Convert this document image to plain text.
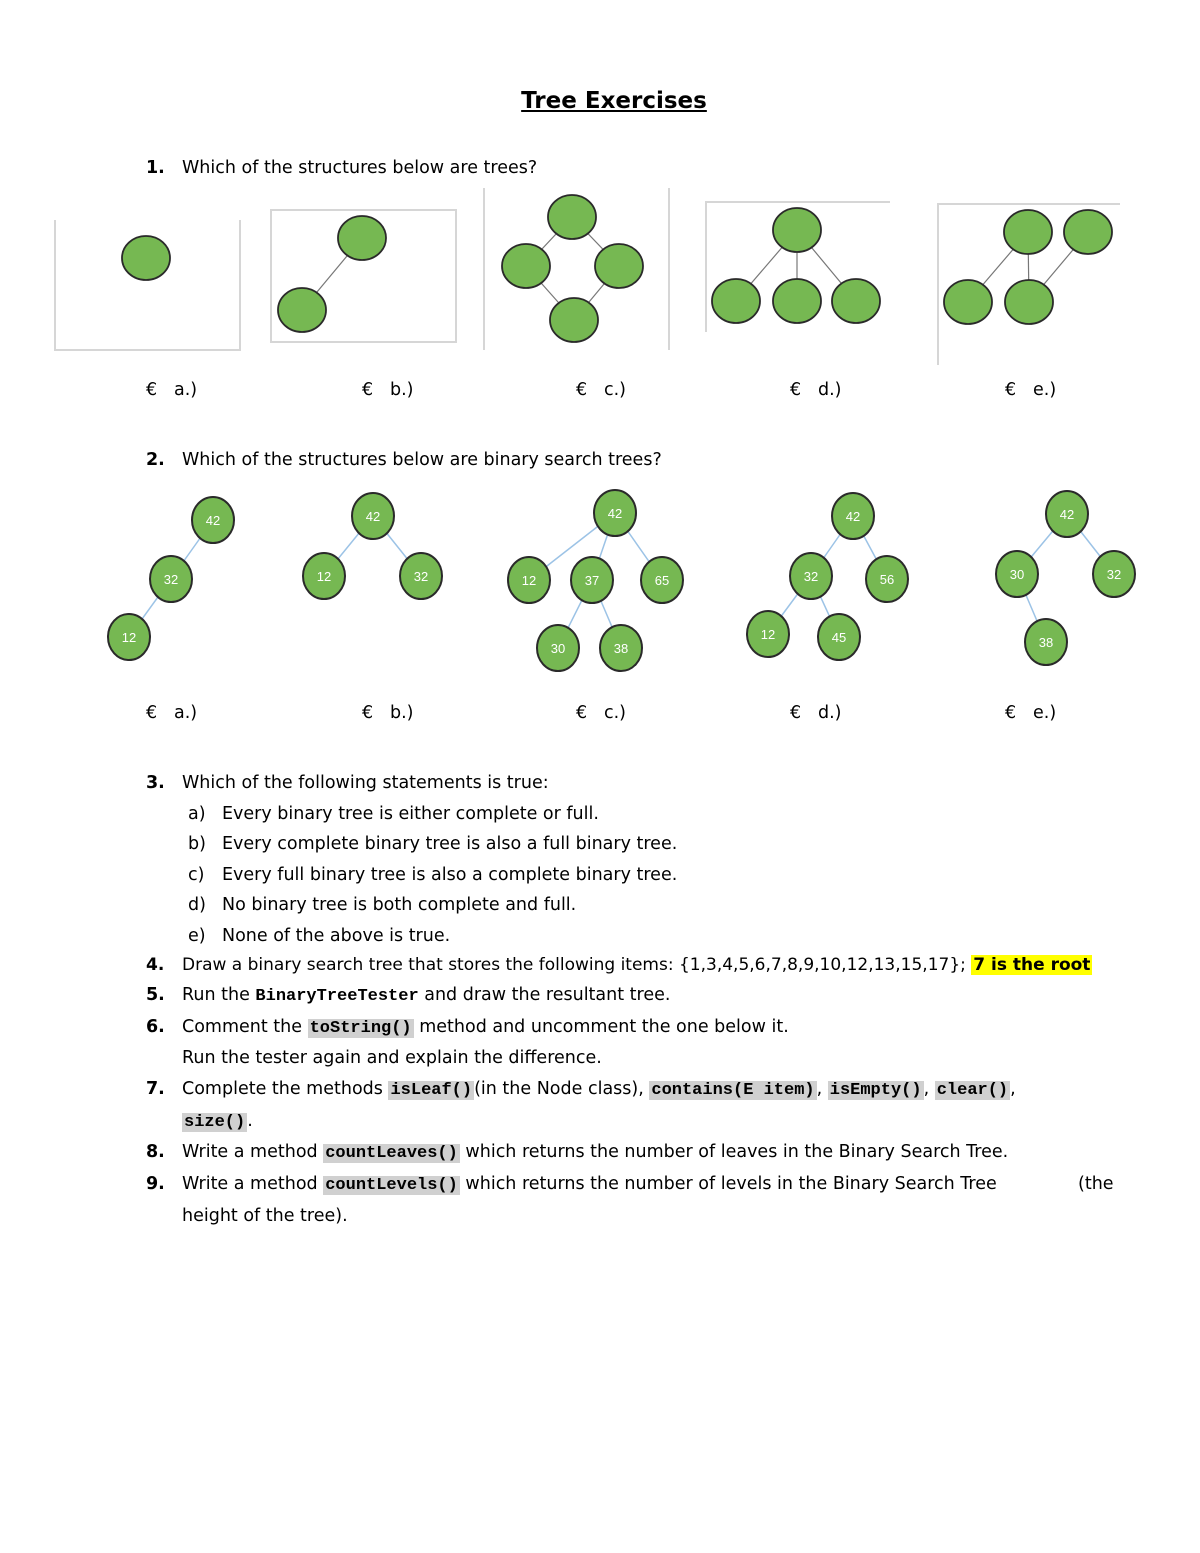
Tree Exercises
1. Which of the structures below are trees?
€ a.)	€ b.)	€ c.)	€ d.)	€ e.)
2. Which of the structures below are binary search trees?
42
32
12
42
12	32
42
12	37	65
30	38
42
32	56
12	45
42
30	32
38
€ a.)	€ b.)	€ c.)	€ d.)	€ e.)
3. Which of the following statements is true:
a) Every binary tree is either complete or full.
b) Every complete binary tree is also a full binary tree.
c) Every full binary tree is also a complete binary tree.
d) No binary tree is both complete and full.
e) None of the above is true.
4. Draw a binary search tree that stores the following items: {1,3,4,5,6,7,8,9,10,12,13,15,17}; 7 is the root
5. Run the BinaryTreeTester and draw the resultant tree.
6. Comment the toString() method and uncomment the one below it.
Run the tester again and explain the difference.
7. Complete the methods isLeaf() (in the Node class), contains(E item) , isEmpty() , clear() ,
size() .
8. Write a method countLeaves() which returns the number of leaves in the Binary Search Tree.
9. Write a method countLevels() which returns the number of levels in the Binary Search Tree	(the
height of the tree).
